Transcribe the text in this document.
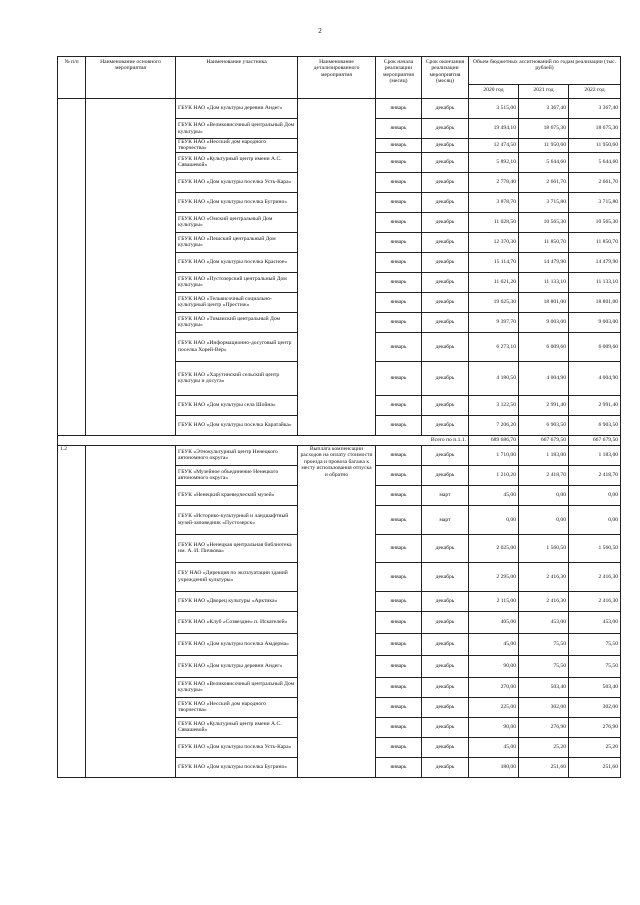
2
№ п/п	Наименование основного мероприятия	Наименование участника	Наименование детализированного мероприятия	Срок начала реализации мероприятия (месяц)	Срок окончания реализации мероприятия (месяц)	Объем бюджетных ассигнований по годам реализации (тыс. рублей)		
						2020 год	2021 год	2022 год
		ГБУК НАО «Дом культуры деревни Андег»		январь	декабрь	3 515,00	3 367,40	3 367,40
		ГБУК НАО «Великовисочный центральный Дом культуры»		январь	декабрь	19 494,10	18 675,30	18 675,30
		ГБУК НАО «Несский дом народного творчества»		январь	декабрь	12 474,50	11 950,60	11 950,60
		ГБУК НАО «Культурный центр имени А.С. Сявашевой»		январь	декабрь	5 892,10	5 644,60	5 644,60
		ГБУК НАО «Дом культуры поселка Усть-Кара»		январь	декабрь	2 778,40	2 661,70	2 661,70
		ГБУК НАО «Дом культуры поселка Бугрино»		январь	декабрь	3 878,70	3 715,80	3 715,80
		ГБУК НАО «Омский центральный Дом культуры»		январь	декабрь	11 028,50	10 565,30	10 565,30
		ГБУК НАО «Пешский центральный Дом культуры»		январь	декабрь	12 370,30	11 850,70	11 850,70
		ГБУК НАО «Дом культуры поселка Красное»		январь	декабрь	15 114,70	14 479,90	14 479,90
		ГБУК НАО «Пустозерский центральный Дом культуры»		январь	декабрь	11 621,20	11 133,10	11 133,10
		ГБУК НАО «Тельвисочный социально-культурный центр «Престиж»		январь	декабрь	19 625,30	18 801,00	18 801,00
		ГБУК НАО «Тиманский центральный Дом культуры»		январь	декабрь	9 397,70	9 003,00	9 003,00
		ГБУК НАО «Информационно-досуговый центр поселка Хорей-Вер»		январь	декабрь	6 273,10	6 009,60	6 009,60
		ГБУК НАО «Харутинский сельский центр культуры и досуга»		январь	декабрь	4 180,50	4 004,90	4 004,90
		ГБУК НАО «Дом культуры села Шойна»		январь	декабрь	3 122,50	2 991,40	2 991,40
		ГБУК НАО «Дом культуры поселка Каратайка»		январь	декабрь	7 206,20	6 903,50	6 903,50
Всего по п.1.1.						689 686,70	667 679,50	667 679,50
1.2		ГБУК «Этнокультурный центр Ненецкого автономного округа»	Выплата компенсации расходов на оплату стоимости проезда и провоза багажа к месту использования отпуска и обратно	январь	декабрь	1 710,00	1 183,00	1 183,00
		ГБУК «Музейное объединение Ненецкого автономного округа»		январь	декабрь	1 210,20	2 418,70	2 418,70
		ГБУК «Ненецкий краеведческий музей»		январь	март	45,00	0,00	0,00
		ГБУК «Историко-культурный и ландшафтный музей-заповедник «Пустозерск»		январь	март	0,00	0,00	0,00
		ГБУК НАО «Ненецкая центральная библиотека им. А. И. Пичкова»		январь	декабрь	2 025,00	1 560,50	1 560,50
		ГБУ НАО «Дирекция по эксплуатации зданий учреждений культуры»		январь	декабрь	2 295,00	2 416,30	2 416,30
		ГБУК НАО «Дворец культуры «Арктика»		январь	декабрь	2 115,00	2 416,30	2 416,30
		ГБУК НАО «Клуб «Созвездие» п. Искателей»		январь	декабрь	405,00	453,00	453,00
		ГБУК НАО «Дом культуры поселка Амдерма»		январь	декабрь	45,00	75,50	75,50
		ГБУК НАО «Дом культуры деревни Андег»		январь	декабрь	90,00	75,50	75,50
		ГБУК НАО «Великовисочный центральный Дом культуры»		январь	декабрь	270,00	503,40	503,40
		ГБУК НАО «Несский дом народного творчества»		январь	декабрь	225,00	302,00	302,00
		ГБУК НАО «Культурный центр имени А.С. Сявашевой»		январь	декабрь	90,00	276,90	276,90
		ГБУК НАО «Дом культуры поселка Усть-Кара»		январь	декабрь	45,00	25,20	25,20
		ГБУК НАО «Дом культуры поселка Бугрино»		январь	декабрь	180,00	251,60	251,60
